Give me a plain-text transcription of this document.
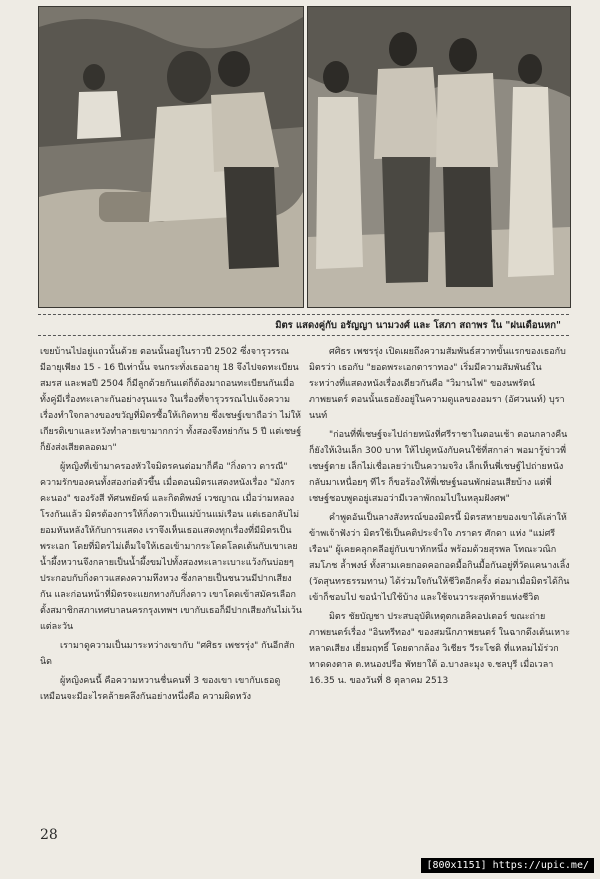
มิตร แสดงคู่กับ อรัญญา นามวงศ์ และ โสภา สถาพร ใน "ฝนเดือนหก"

เขยบ้านไปอยู่แถวนั้นด้วย ตอนนั้นอยู่ในราวปี 2502 ซึ่งจารุวรรณมีอายุเพียง 15 - 16 ปีเท่านั้น จนกระทั่งเธออายุ 18 จึงไปจดทะเบียนสมรส และพอปี 2504 ก็มีลูกด้วยกันแต่ก็ต้องมาถอนทะเบียนกันเมื่อทั้งคู่มีเรื่องทะเลาะกันอย่างรุนแรง ในเรื่องที่จารุวรรณไปแจ้งความเรื่องทำใจกลางของขวัญที่มิตรซื้อให้เกิดหาย ซึ่งเชษฐ์เขาถือว่า ไม่ให้เกียรติเขาและหวังทำลายเขามากกว่า ทั้งสองจึงหย่ากัน 5 ปี แต่เชษฐ์ก็ยังส่งเสียตลอดมา"

ผู้หญิงที่เข้ามาครองหัวใจมิตรคนต่อมาก็คือ "กิ่งดาว ดารณี" ความรักของคนทั้งสองก่อตัวขึ้น เมื่อตอนมิตรแสดงหนังเรื่อง "มังกรคะนอง" ของรังสี ทัศนพยัคฆ์ และกิตติพงษ์ เวชญาณ เมื่อว่ามหลองโรงกันแล้ว มิตรต้องการให้กิ่งดาวเป็นแม่บ้านแม่เรือน แต่เธอกลับไม่ยอมหันหลังให้กับการแสดง เราจึงเห็นเธอแสดงทุกเรื่องที่มีมิตรเป็นพระเอก โดยที่มิตรไม่เต็มใจให้เธอเข้ามากระโดดโลดเต้นกับเขาเลย น้ำผึ้งหวานจึงกลายเป็นน้ำผึ้งขมไปทั้งสองทะเลาะเบาะแว้งกันบ่อยๆ ประกอบกับกิ่งดาวแสดงความหึงหวง ซึ่งกลายเป็นชนวนมีปากเสียงกัน และก่อนหน้าที่มิตรจะแยกทางกับกิ่งดาว เขาโดดเข้าสมัครเลือกตั้งสมาชิกสภาเทศบาลนครกรุงเทพฯ เขากับเธอก็มีปากเสียงกันไม่เว้นแต่ละวัน

เรามาดูความเป็นมาระหว่างเขากับ "ศศิธร เพชรรุ่ง" กันอีกสักนิด

ผู้หญิงคนนี้ คือความหวานชื่นคนที่ 3 ของเขา เขากับเธอดูเหมือนจะมีอะไรคล้ายคลึงกันอย่างหนึ่งคือ ความผิดหวัง

ศศิธร เพชรรุ่ง เปิดเผยถึงความสัมพันธ์สวาทขั้นแรกของเธอกับมิตรว่า เธอกับ "ยอดพระเอกตาราทอง" เริ่มมีความสัมพันธ์ในระหว่างที่แสดงหนังเรื่องเดียวกันคือ "วิมานไฟ" ของนพรัตน์ภาพยนตร์ ตอนนั้นเธอยังอยู่ในความดูแลของอมรา (อัศวนนท์) บุรานนท์

"ก่อนที่พี่เชษฐ์จะไปถ่ายหนังที่ศรีราชาในตอนเช้า ตอนกลางคืนก็ยังให้เงินเล็ก 300 บาท ให้ไปดูหนังกับคนใช้ที่สกาล่า พอมารู้ข่าวพี่เชษฐ์ตาย เล็กไม่เชื่อเลยว่าเป็นความจริง เล็กเห็นพี่เชษฐ์ไปถ่ายหนังกลับมาเหนื่อยๆ ทีไร ก็ขอร้องให้พี่เชษฐ์นอนพักผ่อนเสียบ้าง แต่พี่เชษฐ์ชอบพูดอยู่เสมอว่ามีเวลาพักถมไปในหลุมฝังศพ"

คำพูดอันเป็นลางสังหรณ์ของมิตรนี้ มิตรสหายของเขาได้เล่าให้ข้าพเจ้าฟังว่า มิตรใช้เป็นคติประจำใจ ภราดร ศักดา แห่ง "แม่ศรีเรือน" ผู้เคยคลุกคลีอยู่กับเขาทักหนึ่ง พร้อมด้วยสุรพล โทณะวณิก สมโภช ล้ำพงษ์ ทั้งสามเคยกอดคอกอดมื้อกินมื้อกันอยู่ที่วัดแคนางเลิ้ง (วัดสุนทรธรรมทาน) ได้ร่วมใจกันให้ชีวิตอีกครั้ง ต่อมาเมื่อมิตรได้กินเข้าก็ชอบไป ขอนำไปใช้บ้าง และใช้จนวาระสุดท้ายแห่งชีวิต

มิตร ชัยบัญชา ประสบอุบัติเหตุตกเฮลิคอปเตอร์ ขณะถ่ายภาพยนตร์เรื่อง "อินทรีทอง" ของสมนึกภาพยนตร์ ในฉากดึงเต้นเหาะหลาดเสียง เยี่ยมฤทธิ์ โดยตากล้อง วิเชียร วีระโชติ ที่แหลมไม้ร่วก หาดดงตาล ต.หนองปรือ พัทยาใต้ อ.บางละมุง จ.ชลบุรี เมื่อเวลา 16.35 น. ของวันที่ 8 ตุลาคม 2513

28
[800x1151] https://upic.me/
